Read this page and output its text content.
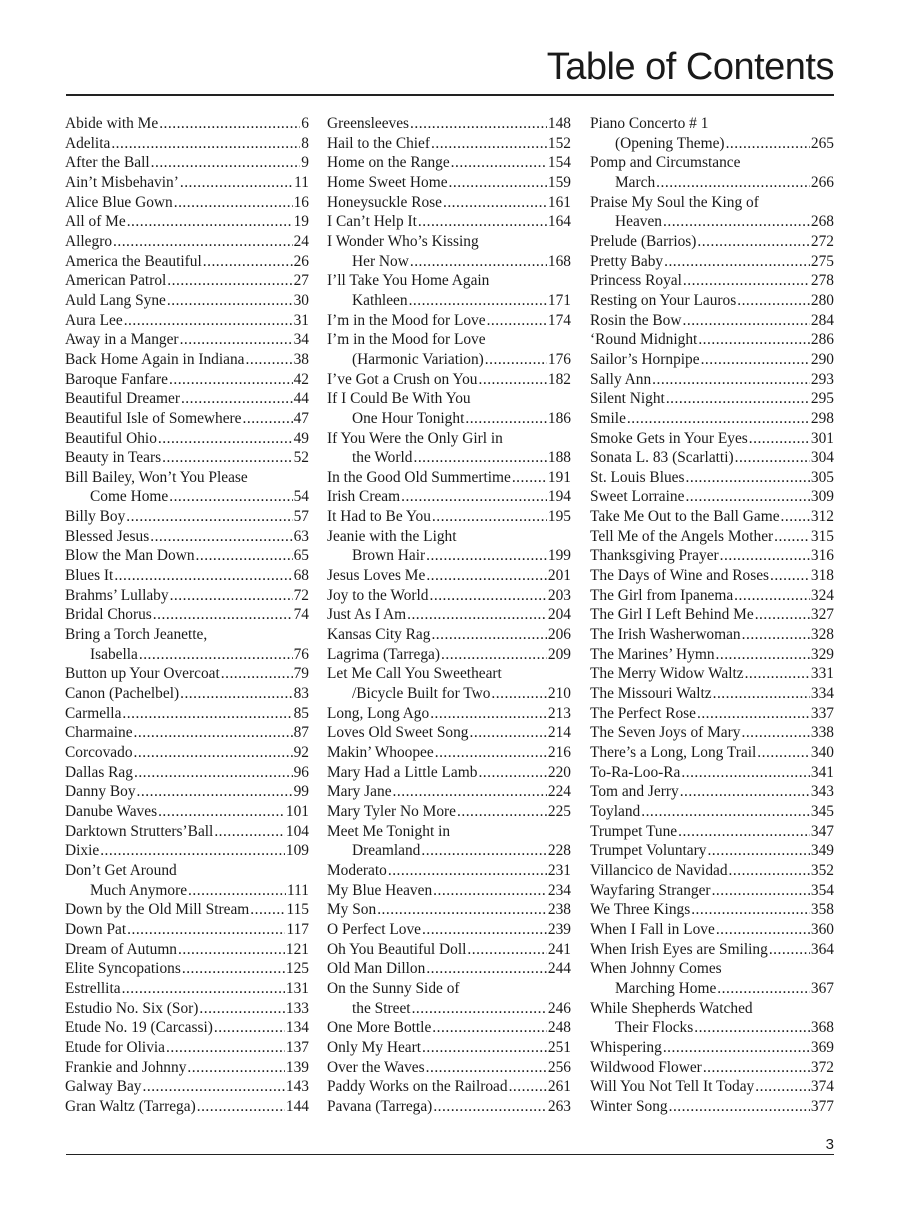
Table of Contents
Abide with Me .....	6
Adelita .....	8
After the Ball .....	9
Ain’t Misbehavin’ .....	11
Alice Blue Gown .....	16
All of Me .....	19
Allegro .....	24
America the Beautiful .....	26
American Patrol .....	27
Auld Lang Syne .....	30
Aura Lee .....	31
Away in a Manger .....	34
Back Home Again in Indiana .....	38
Baroque Fanfare .....	42
Beautiful Dreamer .....	44
Beautiful Isle of Somewhere .....	47
Beautiful Ohio .....	49
Beauty in Tears .....	52
Bill Bailey, Won’t You Please
Come Home .....	54
Billy Boy .....	57
Blessed Jesus .....	63
Blow the Man Down .....	65
Blues It .....	68
Brahms’ Lullaby .....	72
Bridal Chorus .....	74
Bring a Torch Jeanette,
Isabella .....	76
Button up Your Overcoat .....	79
Canon (Pachelbel) .....	83
Carmella .....	85
Charmaine .....	87
Corcovado .....	92
Dallas Rag .....	96
Danny Boy .....	99
Danube Waves .....	101
Darktown Strutters’Ball .....	104
Dixie .....	109
Don’t Get Around
Much Anymore .....	111
Down by the Old Mill Stream ..... 115
Down Pat .....	117
Dream of Autumn .....	121
Elite Syncopations .....	125
Estrellita .....	131
Estudio No. Six (Sor) .....	133
Etude No. 19 (Carcassi) .....	134
Etude for Olivia .....	137
Frankie and Johnny .....	139
Galway Bay .....	143
Gran Waltz (Tarrega) .....	144
Greensleeves .....	148
Hail to the Chief .....	152
Home on the Range .....	154
Home Sweet Home .....	159
Honeysuckle Rose .....	161
I Can’t Help It .....	164
I Wonder Who’s Kissing
Her Now .....	168
I’ll Take You Home Again
Kathleen .....	171
I’m in the Mood for Love .....	174
I’m in the Mood for Love
(Harmonic Variation) .....	176
I’ve Got a Crush on You .....	182
If I Could Be With You
One Hour Tonight .....	186
If You Were the Only Girl in
the World .....	188
In the Good Old Summertime ..... 191
Irish Cream .....	194
It Had to Be You .....	195
Jeanie with the Light
Brown Hair .....	199
Jesus Loves Me .....	201
Joy to the World .....	203
Just As I Am .....	204
Kansas City Rag .....	206
Lagrima (Tarrega) .....	209
Let Me Call You Sweetheart
/Bicycle Built for Two .....	210
Long, Long Ago .....	213
Loves Old Sweet Song .....	214
Makin’ Whoopee .....	216
Mary Had a Little Lamb .....	220
Mary Jane .....	224
Mary Tyler No More .....	225
Meet Me Tonight in
Dreamland .....	228
Moderato .....	231
My Blue Heaven .....	234
My Son .....	238
O Perfect Love .....	239
Oh You Beautiful Doll .....	241
Old Man Dillon .....	244
On the Sunny Side of
the Street .....	246
One More Bottle .....	248
Only My Heart .....	251
Over the Waves .....	256
Paddy Works on the Railroad .....	261
Pavana (Tarrega) .....	263
Piano Concerto # 1
(Opening Theme) .....	265
Pomp and Circumstance
March .....	266
Praise My Soul the King of
Heaven .....	268
Prelude (Barrios) .....	272
Pretty Baby .....	275
Princess Royal .....	278
Resting on Your Lauros .....	280
Rosin the Bow .....	284
‘Round Midnight .....	286
Sailor’s Hornpipe .....	290
Sally Ann .....	293
Silent Night .....	295
Smile .....	298
Smoke Gets in Your Eyes .....	301
Sonata L. 83 (Scarlatti) .....	304
St. Louis Blues .....	305
Sweet Lorraine .....	309
Take Me Out to the Ball Game ..... 312
Tell Me of the Angels Mother ..... 315
Thanksgiving Prayer .....	316
The Days of Wine and Roses .....	318
The Girl from Ipanema .....	324
The Girl I Left Behind Me .....	327
The Irish Washerwoman .....	328
The Marines’ Hymn .....	329
The Merry Widow Waltz .....	331
The Missouri Waltz .....	334
The Perfect Rose .....	337
The Seven Joys of Mary .....	338
There’s a Long, Long Trail .....	340
To-Ra-Loo-Ra .....	341
Tom and Jerry .....	343
Toyland .....	345
Trumpet Tune .....	347
Trumpet Voluntary .....	349
Villancico de Navidad .....	352
Wayfaring Stranger .....	354
We Three Kings .....	358
When I Fall in Love .....	360
When Irish Eyes are Smiling .....	364
When Johnny Comes
Marching Home .....	367
While Shepherds Watched
Their Flocks .....	368
Whispering .....	369
Wildwood Flower .....	372
Will You Not Tell It Today .....	374
Winter Song .....	377
3
